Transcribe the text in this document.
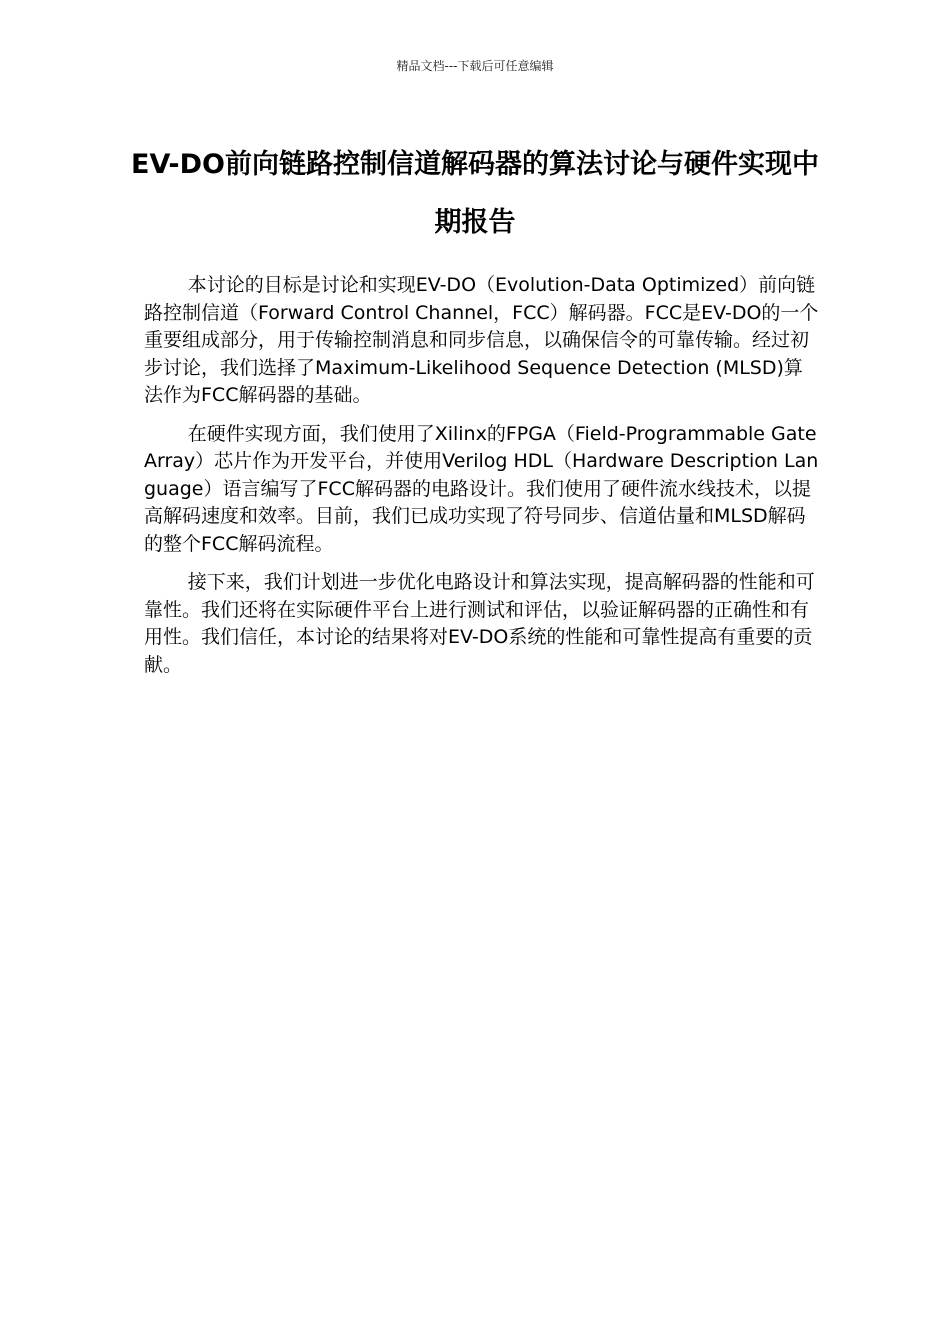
精品文档---下载后可任意编辑
EV-DO前向链路控制信道解码器的算法讨论与硬件实现中期报告

本讨论的目标是讨论和实现EV-DO（Evolution-Data Optimized）前向链路控制信道（Forward Control Channel，FCC）解码器。FCC是EV-DO的一个重要组成部分，用于传输控制消息和同步信息，以确保信令的可靠传输。经过初步讨论，我们选择了Maximum-Likelihood Sequence Detection (MLSD)算法作为FCC解码器的基础。

在硬件实现方面，我们使用了Xilinx的FPGA（Field-Programmable Gate Array）芯片作为开发平台，并使用Verilog HDL（Hardware Description Language）语言编写了FCC解码器的电路设计。我们使用了硬件流水线技术，以提高解码速度和效率。目前，我们已成功实现了符号同步、信道估量和MLSD解码的整个FCC解码流程。

接下来，我们计划进一步优化电路设计和算法实现，提高解码器的性能和可靠性。我们还将在实际硬件平台上进行测试和评估，以验证解码器的正确性和有用性。我们信任，本讨论的结果将对EV-DO系统的性能和可靠性提高有重要的贡献。
